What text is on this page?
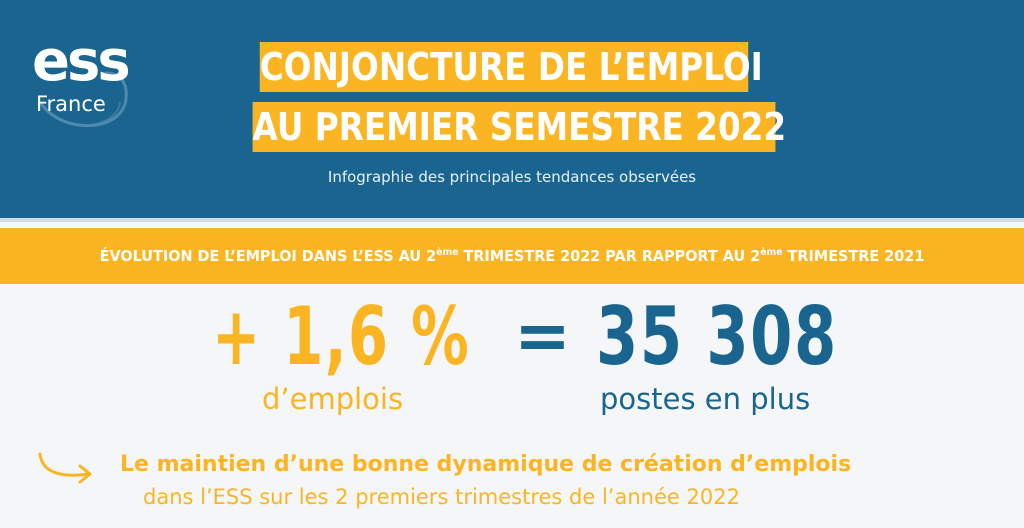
ess
France
CONJONCTURE DE L’EMPLOI
AU PREMIER SEMESTRE 2022
Infographie des principales tendances observées
ÉVOLUTION DE L’EMPLOI DANS L’ESS AU 2ème TRIMESTRE 2022 PAR RAPPORT AU 2ème TRIMESTRE 2021
+ 1,6 % = 35 308
d’emplois	postes en plus
Le maintien d’une bonne dynamique de création d’emplois
dans l’ESS sur les 2 premiers trimestres de l’année 2022
